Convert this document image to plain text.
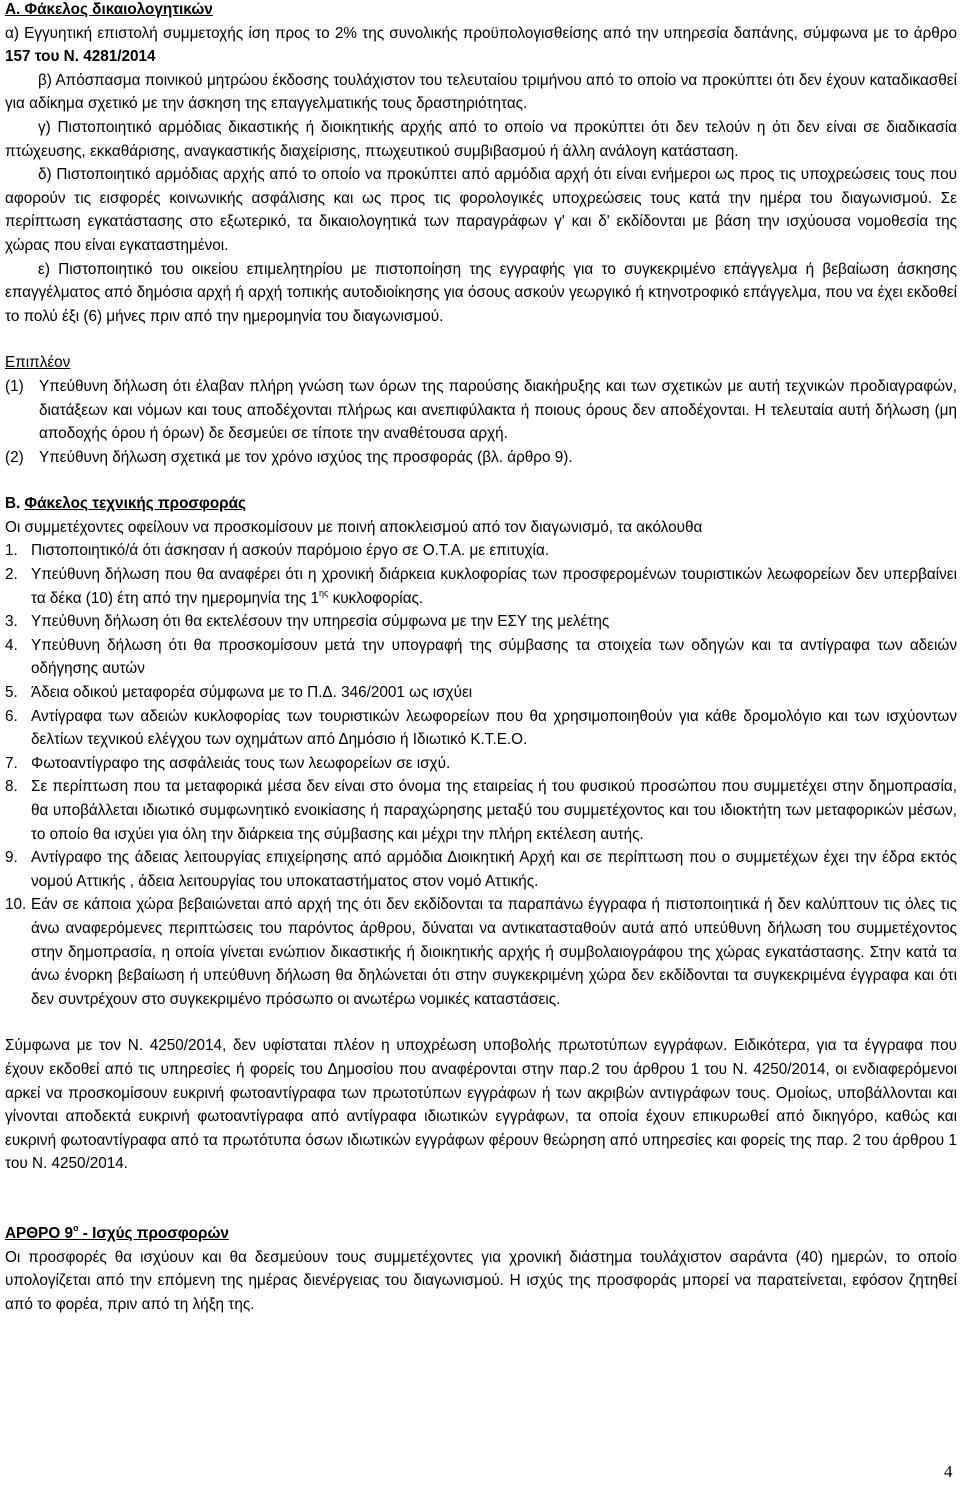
Α. Φάκελος δικαιολογητικών

α) Εγγυητική επιστολή συμμετοχής ίση προς το 2% της συνολικής προϋπολογισθείσης από την υπηρεσία δαπάνης, σύμφωνα με το άρθρο 157 του Ν. 4281/2014

β) Απόσπασμα ποινικού μητρώου έκδοσης τουλάχιστον του τελευταίου τριμήνου από το οποίο να προκύπτει ότι δεν έχουν καταδικασθεί για αδίκημα σχετικό με την άσκηση της επαγγελματικής τους δραστηριότητας.

γ) Πιστοποιητικό αρμόδιας δικαστικής ή διοικητικής αρχής από το οποίο να προκύπτει ότι δεν τελούν η ότι δεν είναι σε διαδικασία πτώχευσης, εκκαθάρισης, αναγκαστικής διαχείρισης, πτωχευτικού συμβιβασμού ή άλλη ανάλογη κατάσταση.

δ) Πιστοποιητικό αρμόδιας αρχής από το οποίο να προκύπτει από αρμόδια αρχή ότι είναι ενήμεροι ως προς τις υποχρεώσεις τους που αφορούν τις εισφορές κοινωνικής ασφάλισης και ως προς τις φορολογικές υποχρεώσεις τους κατά την ημέρα του διαγωνισμού. Σε περίπτωση εγκατάστασης στο εξωτερικό, τα δικαιολογητικά των παραγράφων γ' και δ' εκδίδονται με βάση την ισχύουσα νομοθεσία της χώρας που είναι εγκαταστημένοι.

ε) Πιστοποιητικό του οικείου επιμελητηρίου με πιστοποίηση της εγγραφής για το συγκεκριμένο επάγγελμα ή βεβαίωση άσκησης επαγγέλματος από δημόσια αρχή ή αρχή τοπικής αυτοδιοίκησης για όσους ασκούν γεωργικό ή κτηνοτροφικό επάγγελμα, που να έχει εκδοθεί το πολύ έξι (6) μήνες πριν από την ημερομηνία του διαγωνισμού.

Επιπλέον

(1) Υπεύθυνη δήλωση ότι έλαβαν πλήρη γνώση των όρων της παρούσης διακήρυξης και των σχετικών με αυτή τεχνικών προδιαγραφών, διατάξεων και νόμων και τους αποδέχονται πλήρως και ανεπιφύλακτα ή ποιους όρους δεν αποδέχονται. Η τελευταία αυτή δήλωση (μη αποδοχής όρου ή όρων) δε δεσμεύει σε τίποτε την αναθέτουσα αρχή.
(2) Υπεύθυνη δήλωση σχετικά με τον χρόνο ισχύος της προσφοράς (βλ. άρθρο 9).

Β. Φάκελος τεχνικής προσφοράς

Οι συμμετέχοντες οφείλουν να προσκομίσουν με ποινή αποκλεισμού από τον διαγωνισμό, τα ακόλουθα

1. Πιστοποιητικό/ά ότι άσκησαν ή ασκούν παρόμοιο έργο σε Ο.Τ.Α. με επιτυχία.
2. Υπεύθυνη δήλωση που θα αναφέρει ότι η χρονική διάρκεια κυκλοφορίας των προσφερομένων τουριστικών λεωφορείων δεν υπερβαίνει τα δέκα (10) έτη από την ημερομηνία της $1^{\eta\varsigma}$ κυκλοφορίας.
3. Υπεύθυνη δήλωση ότι θα εκτελέσουν την υπηρεσία σύμφωνα με την ΕΣΥ της μελέτης
4. Υπεύθυνη δήλωση ότι θα προσκομίσουν μετά την υπογραφή της σύμβασης τα στοιχεία των οδηγών και τα αντίγραφα των αδειών οδήγησης αυτών
5. Άδεια οδικού μεταφορέα σύμφωνα με το Π.Δ. 346/2001 ως ισχύει
6. Αντίγραφα των αδειών κυκλοφορίας των τουριστικών λεωφορείων που θα χρησιμοποιηθούν για κάθε δρομολόγιο και των ισχύοντων δελτίων τεχνικού ελέγχου των οχημάτων από Δημόσιο ή Ιδιωτικό Κ.Τ.Ε.Ο.
7. Φωτοαντίγραφο της ασφάλειάς τους των λεωφορείων σε ισχύ.
8. Σε περίπτωση που τα μεταφορικά μέσα δεν είναι στο όνομα της εταιρείας ή του φυσικού προσώπου που συμμετέχει στην δημοπρασία, θα υποβάλλεται ιδιωτικό συμφωνητικό ενοικίασης ή παραχώρησης μεταξύ του συμμετέχοντος και του ιδιοκτήτη των μεταφορικών μέσων, το οποίο θα ισχύει για όλη την διάρκεια της σύμβασης και μέχρι την πλήρη εκτέλεση αυτής.
9. Αντίγραφο της άδειας λειτουργίας επιχείρησης από αρμόδια Διοικητική Αρχή και σε περίπτωση που ο συμμετέχων έχει την έδρα εκτός νομού Αττικής , άδεια λειτουργίας του υποκαταστήματος στον νομό Αττικής.
10. Εάν σε κάποια χώρα βεβαιώνεται από αρχή της ότι δεν εκδίδονται τα παραπάνω έγγραφα ή πιστοποιητικά ή δεν καλύπτουν τις όλες τις άνω αναφερόμενες περιπτώσεις του παρόντος άρθρου, δύναται να αντικατασταθούν αυτά από υπεύθυνη δήλωση του συμμετέχοντος στην δημοπρασία, η οποία γίνεται ενώπιον δικαστικής ή διοικητικής αρχής ή συμβολαιογράφου της χώρας εγκατάστασης. Στην κατά τα άνω ένορκη βεβαίωση ή υπεύθυνη δήλωση θα δηλώνεται ότι στην συγκεκριμένη χώρα δεν εκδίδονται τα συγκεκριμένα έγγραφα και ότι δεν συντρέχουν στο συγκεκριμένο πρόσωπο οι ανωτέρω νομικές καταστάσεις.

Σύμφωνα με τον Ν. 4250/2014, δεν υφίσταται πλέον η υποχρέωση υποβολής πρωτοτύπων εγγράφων. Ειδικότερα, για τα έγγραφα που έχουν εκδοθεί από τις υπηρεσίες ή φορείς του Δημοσίου που αναφέρονται στην παρ.2 του άρθρου 1 του Ν. 4250/2014, οι ενδιαφερόμενοι αρκεί να προσκομίσουν ευκρινή φωτοαντίγραφα των πρωτοτύπων εγγράφων ή των ακριβών αντιγράφων τους. Ομοίως, υποβάλλονται και γίνονται αποδεκτά ευκρινή φωτοαντίγραφα από αντίγραφα ιδιωτικών εγγράφων, τα οποία έχουν επικυρωθεί από δικηγόρο, καθώς και ευκρινή φωτοαντίγραφα από τα πρωτότυπα όσων ιδιωτικών εγγράφων φέρουν θεώρηση από υπηρεσίες και φορείς της παρ. 2 του άρθρου 1 του Ν. 4250/2014.

ΑΡΘΡΟ $9^o$ - Ισχύς προσφορών

Οι προσφορές θα ισχύουν και θα δεσμεύουν τους συμμετέχοντες για χρονική διάστημα τουλάχιστον σαράντα (40) ημερών, το οποίο υπολογίζεται από την επόμενη της ημέρας διενέργειας του διαγωνισμού. Η ισχύς της προσφοράς μπορεί να παρατείνεται, εφόσον ζητηθεί από το φορέα, πριν από τη λήξη της.

4
